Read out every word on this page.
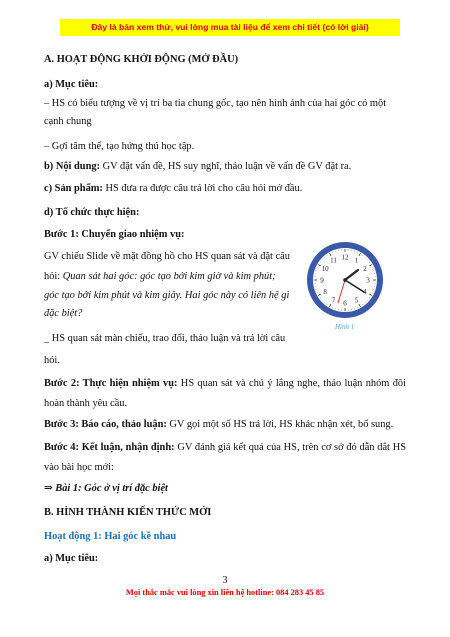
Đây là bản xem thử, vui lòng mua tài liệu để xem chi tiết (có lời giải)
A. HOẠT ĐỘNG KHỞI ĐỘNG (MỞ ĐẦU)
a) Mục tiêu:
– HS có biểu tượng về vị trí ba tia chung gốc, tạo nên hình ảnh của hai góc có một
cạnh chung
– Gợi tâm thế, tạo hứng thú học tập.
b) Nội dung: GV đặt vấn đề, HS suy nghĩ, thảo luận về vấn đề GV đặt ra.
c) Sản phẩm: HS đưa ra được câu trả lời cho câu hỏi mở đầu.
d) Tổ chức thực hiện:
Bước 1: Chuyển giao nhiệm vụ:
GV chiếu Slide về mặt đồng hồ cho HS quan sát và đặt câu
hỏi: Quan sát hai góc: góc tạo bởi kim giờ và kim phút;
góc tạo bởi kim phút và kim giây. Hai góc này có liên hệ gì
đặc biệt?
_ HS quan sát màn chiếu, trao đổi, thảo luận và trả lời câu
hỏi.
12 1
2
3
4
5
6
7
8
9
10
11
Hình 1
Bước 2: Thực hiện nhiệm vụ: HS quan sát và chú ý lắng nghe, thảo luận nhóm đôi hoàn thành yêu cầu.
Bước 3: Báo cáo, thảo luận: GV gọi một số HS trả lời, HS khác nhận xét, bổ sung.
Bước 4: Kết luận, nhận định: GV đánh giá kết quả của HS, trên cơ sở đó dẫn dắt HS vào bài học mới:
⇒ Bài 1: Góc ở vị trí đặc biệt
B. HÌNH THÀNH KIẾN THỨC MỚI
Hoạt động 1: Hai góc kề nhau
a) Mục tiêu:
3
Mọi thắc mắc vui lòng xin liên hệ hotline: 084 283 45 85
